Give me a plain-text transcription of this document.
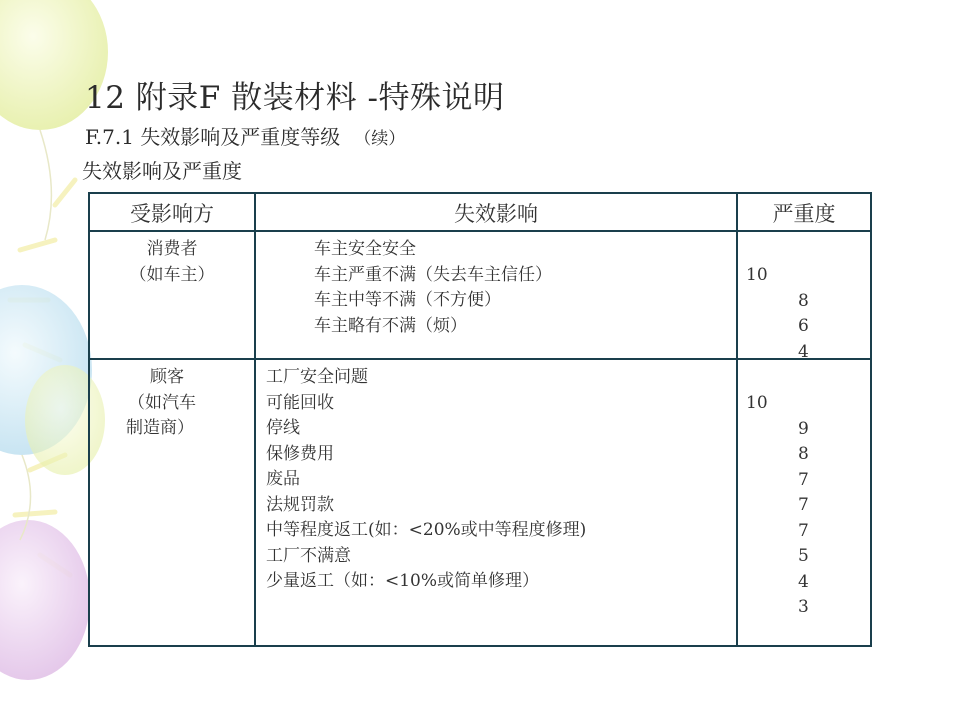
12 附录F 散装材料 -特殊说明
F.7.1 失效影响及严重度等级 （续）
失效影响及严重度
受影响方	失效影响	严重度
消费者
（如车主）
车主安全安全
车主严重不满（失去车主信任）
车主中等不满（不方便）
车主略有不满（烦）
10
8
6
4
顾客
（如汽车
制造商）
工厂安全问题
可能回收
停线
保修费用
废品
法规罚款
中等程度返工(如：<20%或中等程度修理)
工厂不满意
少量返工（如：<10%或简单修理）
10
9
8
7
7
7
5
4
3
